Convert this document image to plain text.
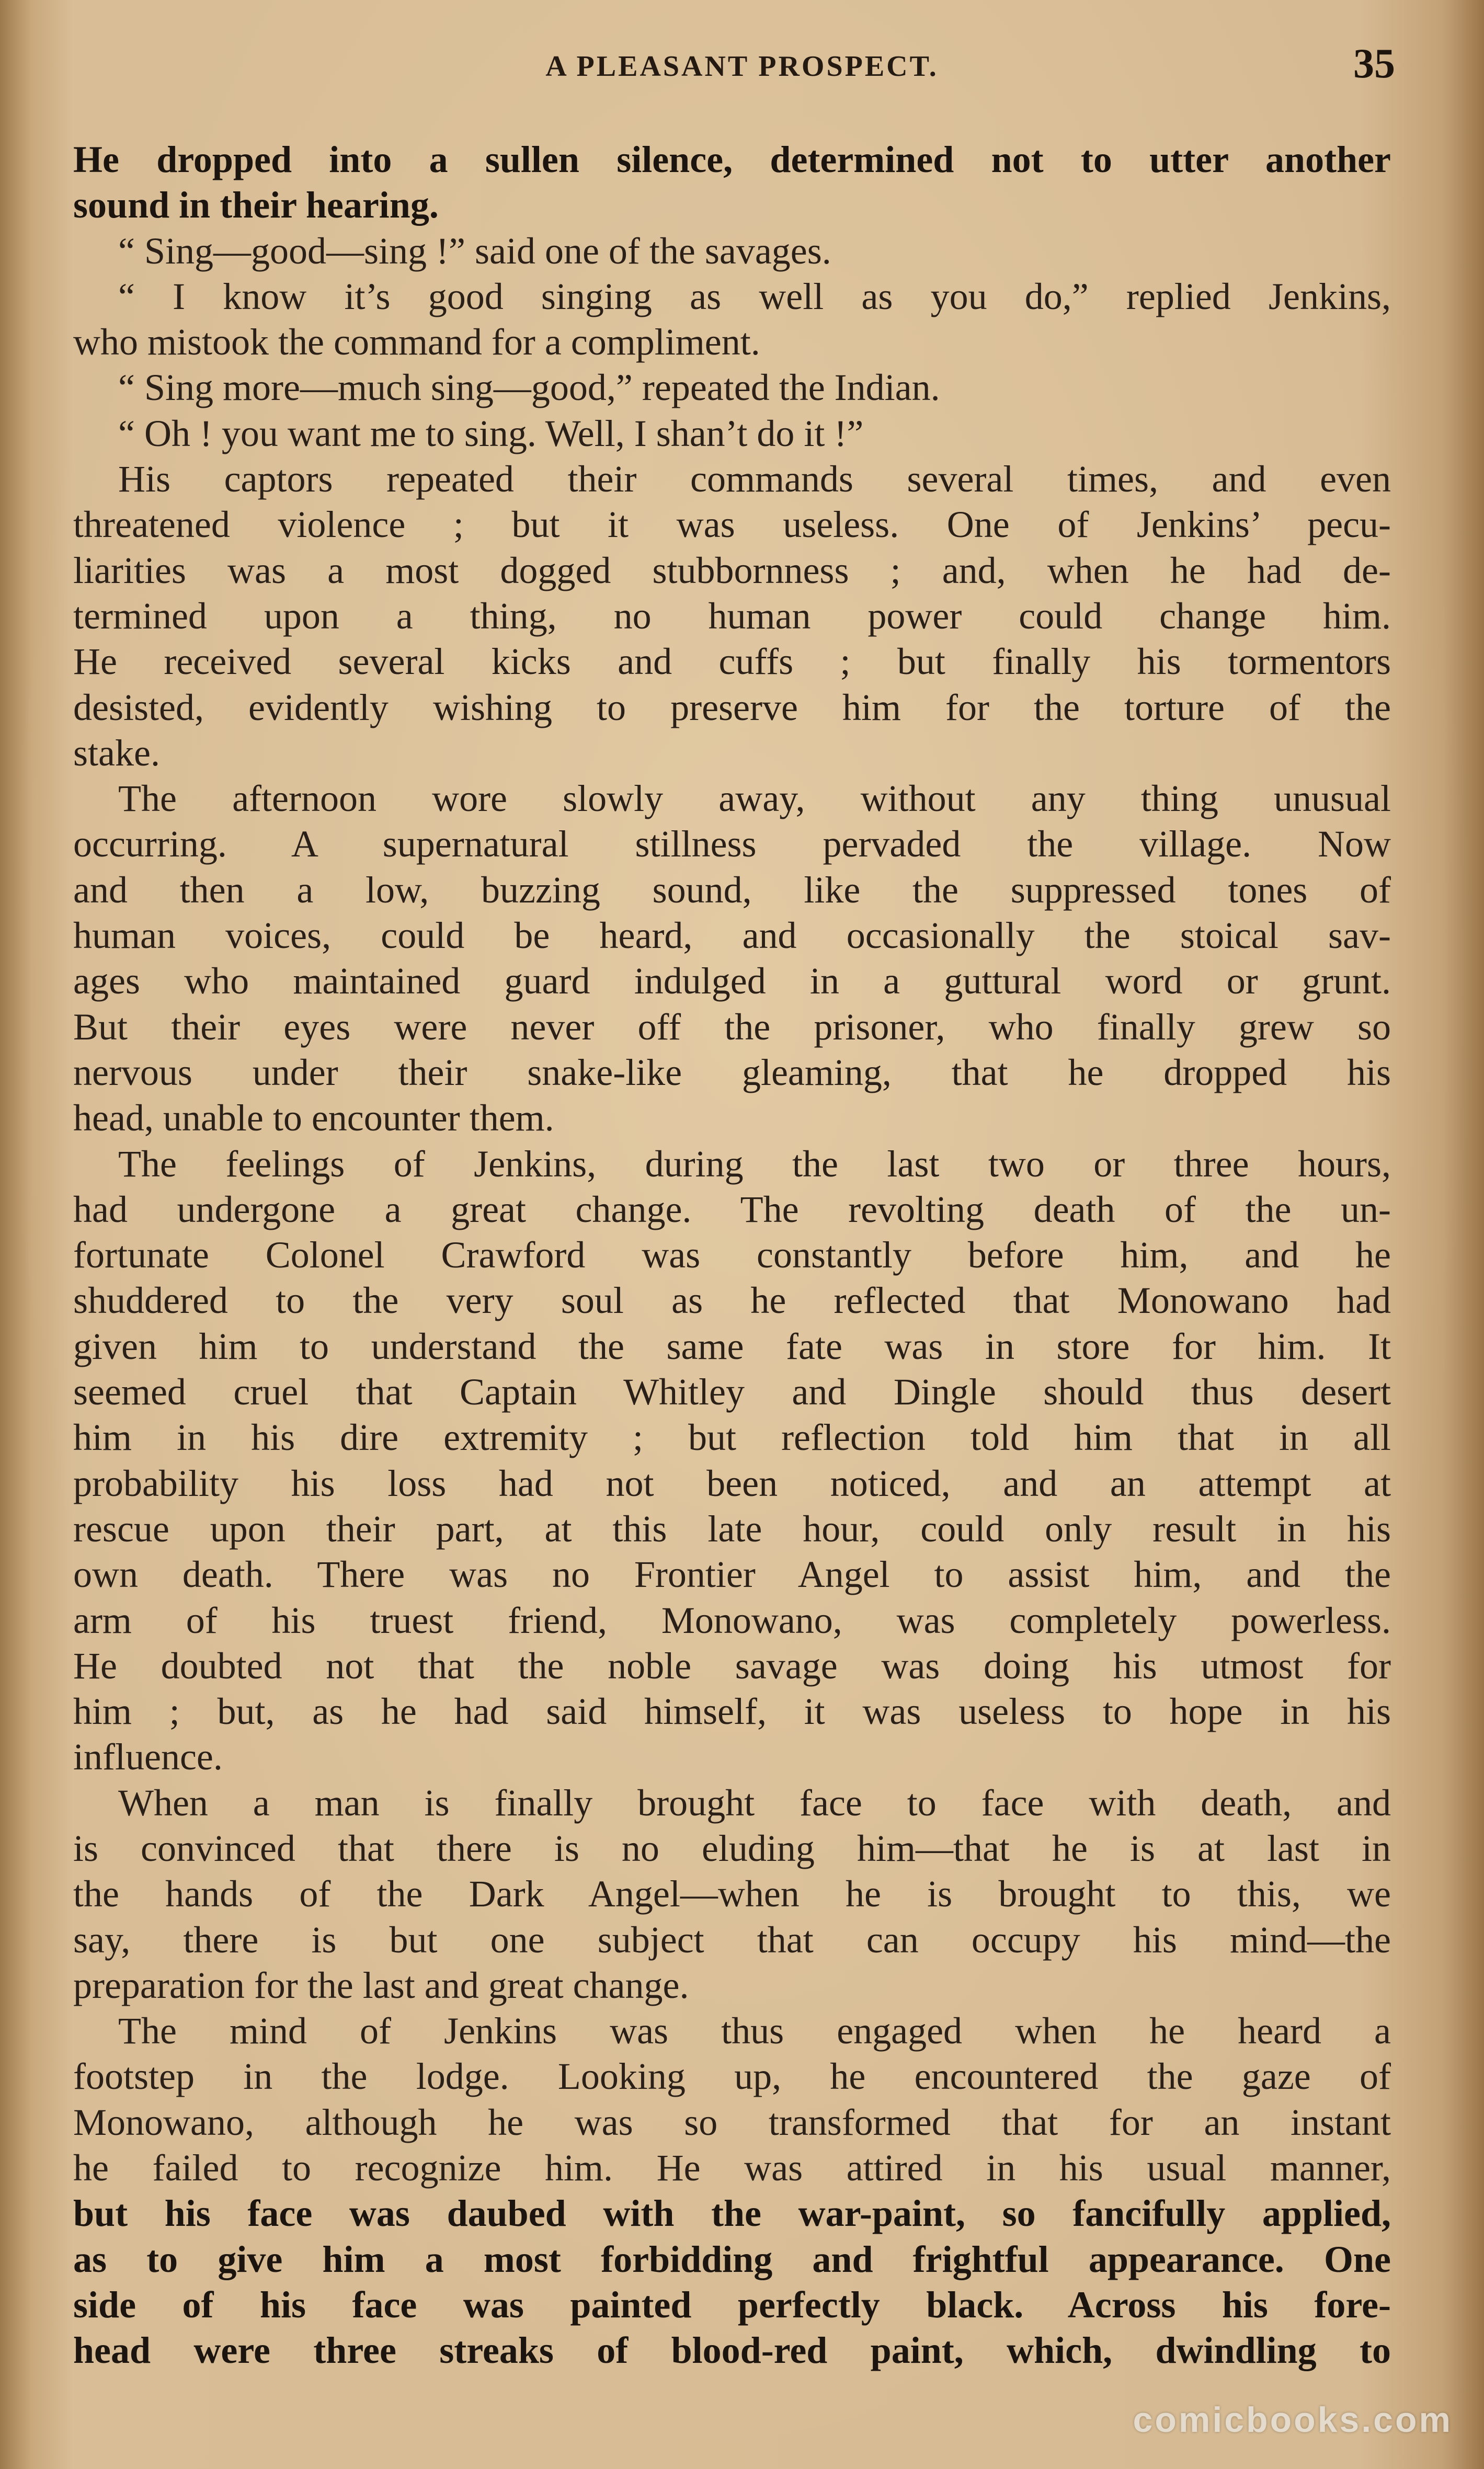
A PLEASANT PROSPECT.	35
He dropped into a sullen silence, determined not to utter another
sound in their hearing.
“ Sing—good—sing !” said one of the savages.
“ I know it’s good singing as well as you do,” replied Jenkins,
who mistook the command for a compliment.
“ Sing more—much sing—good,” repeated the Indian.
“ Oh ! you want me to sing. Well, I shan’t do it !”
His captors repeated their commands several times, and even
threatened violence ; but it was useless. One of Jenkins’ pecu-
liarities was a most dogged stubbornness ; and, when he had de-
termined upon a thing, no human power could change him.
He received several kicks and cuffs ; but finally his tormentors
desisted, evidently wishing to preserve him for the torture of the
stake.
The afternoon wore slowly away, without any thing unusual
occurring. A supernatural stillness pervaded the village. Now
and then a low, buzzing sound, like the suppressed tones of
human voices, could be heard, and occasionally the stoical sav-
ages who maintained guard indulged in a guttural word or grunt.
But their eyes were never off the prisoner, who finally grew so
nervous under their snake-like gleaming, that he dropped his
head, unable to encounter them.
The feelings of Jenkins, during the last two or three hours,
had undergone a great change. The revolting death of the un-
fortunate Colonel Crawford was constantly before him, and he
shuddered to the very soul as he reflected that Monowano had
given him to understand the same fate was in store for him. It
seemed cruel that Captain Whitley and Dingle should thus desert
him in his dire extremity ; but reflection told him that in all
probability his loss had not been noticed, and an attempt at
rescue upon their part, at this late hour, could only result in his
own death. There was no Frontier Angel to assist him, and the
arm of his truest friend, Monowano, was completely powerless.
He doubted not that the noble savage was doing his utmost for
him ; but, as he had said himself, it was useless to hope in his
influence.
When a man is finally brought face to face with death, and
is convinced that there is no eluding him—that he is at last in
the hands of the Dark Angel—when he is brought to this, we
say, there is but one subject that can occupy his mind—the
preparation for the last and great change.
The mind of Jenkins was thus engaged when he heard a
footstep in the lodge. Looking up, he encountered the gaze of
Monowano, although he was so transformed that for an instant
he failed to recognize him. He was attired in his usual manner,
but his face was daubed with the war-paint, so fancifully applied,
as to give him a most forbidding and frightful appearance. One
side of his face was painted perfectly black. Across his fore-
head were three streaks of blood-red paint, which, dwindling to
comicbooks.com
